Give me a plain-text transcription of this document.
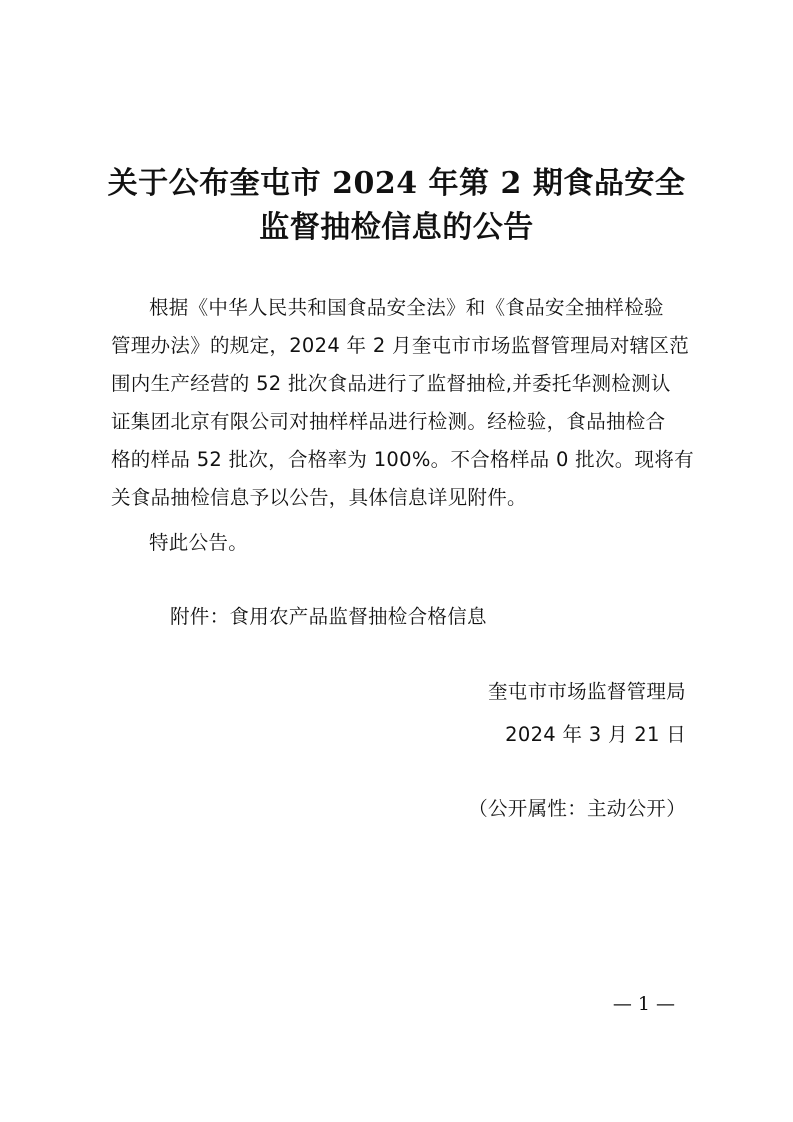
关于公布奎屯市 2024 年第 2 期食品安全
监督抽检信息的公告
根据《中华人民共和国食品安全法》和《食品安全抽样检验
管理办法》的规定，2024 年 2 月奎屯市市场监督管理局对辖区范
围内生产经营的 52 批次食品进行了监督抽检,并委托华测检测认
证集团北京有限公司对抽样样品进行检测。经检验，食品抽检合
格的样品 52 批次，合格率为 100%。不合格样品 0 批次。现将有
关食品抽检信息予以公告，具体信息详见附件。
特此公告。
附件：食用农产品监督抽检合格信息
奎屯市市场监督管理局
2024 年 3 月 21 日
（公开属性：主动公开）
— 1 —
